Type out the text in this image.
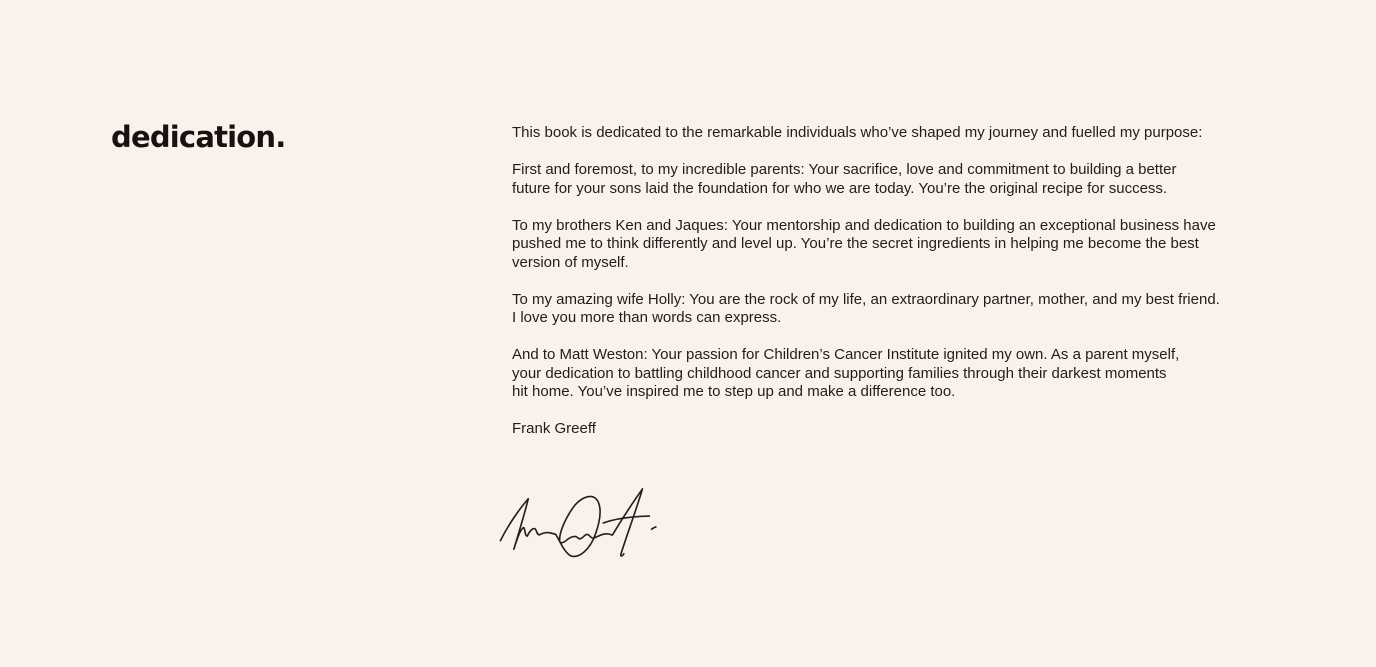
dedication.	This book is dedicated to the remarkable individuals who’ve shaped my journey and fuelled my purpose:
First and foremost, to my incredible parents: Your sacrifice, love and commitment to building a better
future for your sons laid the foundation for who we are today. You’re the original recipe for success.
To my brothers Ken and Jaques: Your mentorship and dedication to building an exceptional business have
pushed me to think differently and level up. You’re the secret ingredients in helping me become the best
version of myself.
To my amazing wife Holly: You are the rock of my life, an extraordinary partner, mother, and my best friend.
I love you more than words can express.
And to Matt Weston: Your passion for Children’s Cancer Institute ignited my own. As a parent myself,
your dedication to battling childhood cancer and supporting families through their darkest moments
hit home. You’ve inspired me to step up and make a difference too.
Frank Greeff
